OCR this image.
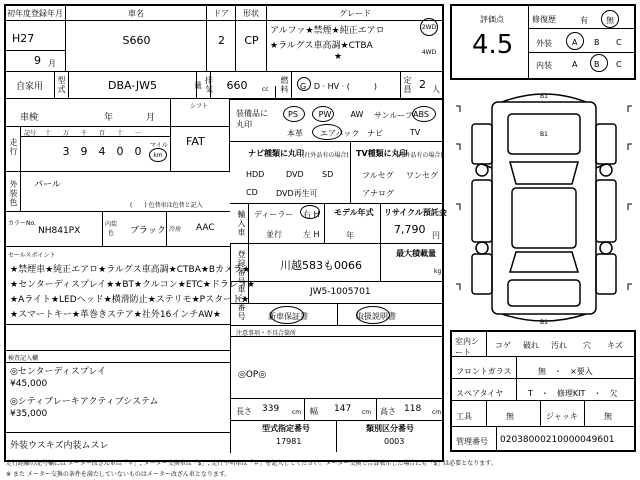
初年度登録年月	車名	ドア	形状	グレード
H27
9 月
S660	2	CP
アルファ★禁煙★純正エアロ
★ラルグス車高調★CTBA
★
2WD
4WD
自家用	型式	DBA-JW5	排気量	660	cc	燃料	G · D · HV · (　　　)	定員 2 人
車検	年	月
シフト
FAT
走行
記号	十	万	千	百	十	一
3	9	4	0	0	マイル
km
装備品に丸印
PS	PW	AW	サンルーフ ABS
本革	エアバック ナビ	TV
ナビ種類に丸印
(社外品有の場合)
HDD	DVD SD
CD DVD再生可
TV種類に丸印
(社外品有の場合)
フルセグ ワンセグ
アナログ
外装色 パール
(　　) 色替車は色替と記入
カラーNo.
NH841PX
内装色	ブラック 冷房 AAC	輸入車 ディーラー
並行
右 H
左 H
モデル年式
年
リサイクル預託金
7,790 円
セールスポイント
★禁煙車★純正エアロ★ラルグス車高調★CTBA★Bカメラ★
★センターディスプレイ★★BT★クルコン★ETC★ドラレコ★
★Aライト★LEDヘッド★横滑防止★ステリモ★Pスタート★
★スマートキー★革巻きステア★社外16インチAW★
登録番号	川越583も0066
最大積載量
kg
車台番号	JW5-1005701
新車保証書	取扱説明書
注意事項・不具合箇所
◎OP◎
検査記入欄
◎センターディスプレイ
¥45,000
◎シティブレーキアクティブシステム
¥35,000
外装ウスキズ内装ムスレ
長さ 339 cm 幅 147 cm 高さ 118 cm
型式指定番号
17981
類別区分番号
0003
評価点
4.5
修復歴	有 無
外装	A B C
内装	A B C
B1
B1
B1
室内シート
コゲ	破れ	汚れ	穴	キズ
フロントガラス	無　・　×要入
スペアタイヤ	T　・　修理KIT　・　欠
工具	無	ジャッキ	無
管理番号 02038000210000049601
走行距離の記号欄には メーター改ざん車は「＊」, メーター交換車は「$」, 走行不明車は「＃」を記入してください。メーター交換で合算表示した場合にも「$」は必要となります。
※ また メーター交換の条件を満たしていないものはメーター改ざん車となります。
